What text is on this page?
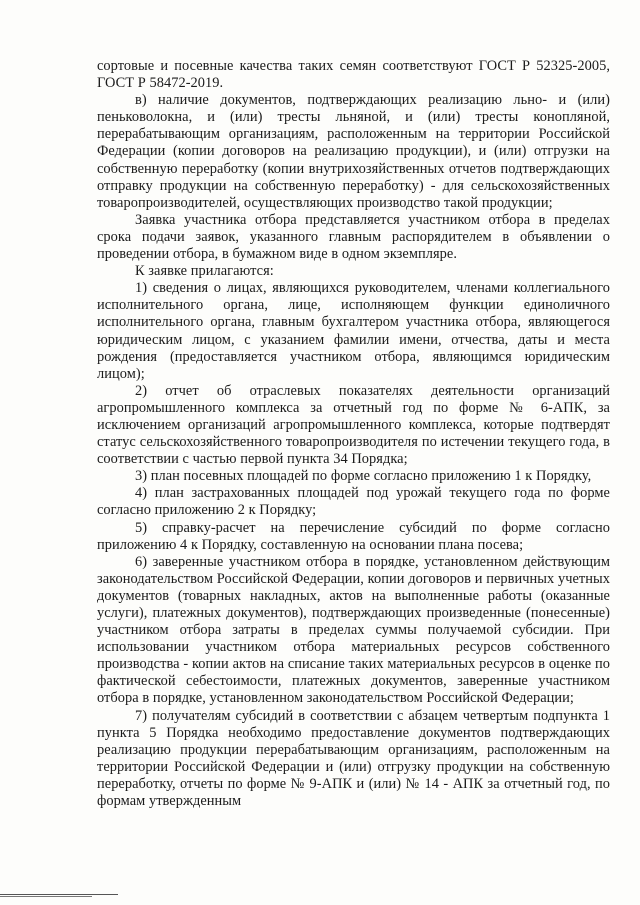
сортовые и посевные качества таких семян соответствуют ГОСТ Р 52325-2005, ГОСТ Р 58472-2019.

в) наличие документов, подтверждающих реализацию льно- и (или) пеньковолокна, и (или) тресты льняной, и (или) тресты конопляной, перерабатывающим организациям, расположенным на территории Российской Федерации (копии договоров на реализацию продукции), и (или) отгрузки на собственную переработку (копии внутрихозяйственных отчетов подтверждающих отправку продукции на собственную переработку) - для сельскохозяйственных товаропроизводителей, осуществляющих производство такой продукции;

Заявка участника отбора представляется участником отбора в пределах срока подачи заявок, указанного главным распорядителем в объявлении о проведении отбора, в бумажном виде в одном экземпляре.

К заявке прилагаются:

1) сведения о лицах, являющихся руководителем, членами коллегиального исполнительного органа, лице, исполняющем функции единоличного исполнительного органа, главным бухгалтером участника отбора, являющегося юридическим лицом, с указанием фамилии имени, отчества, даты и места рождения (предоставляется участником отбора, являющимся юридическим лицом);

2) отчет об отраслевых показателях деятельности организаций агропромышленного комплекса за отчетный год по форме № 6-АПК, за исключением организаций агропромышленного комплекса, которые подтвердят статус сельскохозяйственного товаропроизводителя по истечении текущего года, в соответствии с частью первой пункта 34 Порядка;

3) план посевных площадей по форме согласно приложению 1 к Порядку,

4) план застрахованных площадей под урожай текущего года по форме согласно приложению 2 к Порядку;

5) справку-расчет на перечисление субсидий по форме согласно приложению 4 к Порядку, составленную на основании плана посева;

6) заверенные участником отбора в порядке, установленном действующим законодательством Российской Федерации, копии договоров и первичных учетных документов (товарных накладных, актов на выполненные работы (оказанные услуги), платежных документов), подтверждающих произведенные (понесенные) участником отбора затраты в пределах суммы получаемой субсидии. При использовании участником отбора материальных ресурсов собственного производства - копии актов на списание таких материальных ресурсов в оценке по фактической себестоимости, платежных документов, заверенные участником отбора в порядке, установленном законодательством Российской Федерации;

7) получателям субсидий в соответствии с абзацем четвертым подпункта 1 пункта 5 Порядка необходимо предоставление документов подтверждающих реализацию продукции перерабатывающим организациям, расположенным на территории Российской Федерации и (или) отгрузку продукции на собственную переработку, отчеты по форме № 9-АПК и (или) № 14 - АПК за отчетный год, по формам утвержденным
